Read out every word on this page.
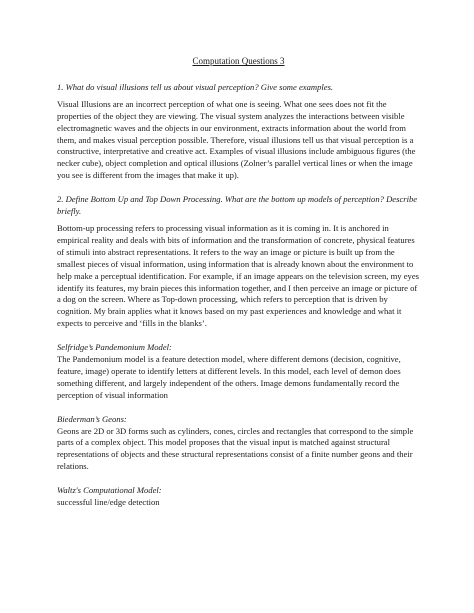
Computation Questions 3

1. What do visual illusions tell us about visual perception? Give some examples.

Visual Illusions are an incorrect perception of what one is seeing. What one sees does not fit the properties of the object they are viewing. The visual system analyzes the interactions between visible electromagnetic waves and the objects in our environment, extracts information about the world from them, and makes visual perception possible. Therefore, visual illusions tell us that visual perception is a constructive, interpretative and creative act. Examples of visual illusions include ambiguous figures (the necker cube), object completion and optical illusions (Zolner’s parallel vertical lines or when the image you see is different from the images that make it up).

2. Define Bottom Up and Top Down Processing. What are the bottom up models of perception? Describe briefly.

Bottom-up processing refers to processing visual information as it is coming in. It is anchored in empirical reality and deals with bits of information and the transformation of concrete, physical features of stimuli into abstract representations. It refers to the way an image or picture is built up from the smallest pieces of visual information, using information that is already known about the environment to help make a perceptual identification. For example, if an image appears on the television screen, my eyes identify its features, my brain pieces this information together, and I then perceive an image or picture of a dog on the screen. Where as Top-down processing, which refers to perception that is driven by cognition. My brain applies what it knows based on my past experiences and knowledge and what it expects to perceive and ‘fills in the blanks’.

Selfridge’s Pandemonium Model:

The Pandemonium model is a feature detection model, where different demons (decision, cognitive, feature, image) operate to identify letters at different levels. In this model, each level of demon does something different, and largely independent of the others. Image demons fundamentally record the perception of visual information

Biederman’s Geons:

Geons are 2D or 3D forms such as cylinders, cones, circles and rectangles that correspond to the simple parts of a complex object. This model proposes that the visual input is matched against structural representations of objects and these structural representations consist of a finite number geons and their relations.

Waltz's Computational Model:

successful line/edge detection
